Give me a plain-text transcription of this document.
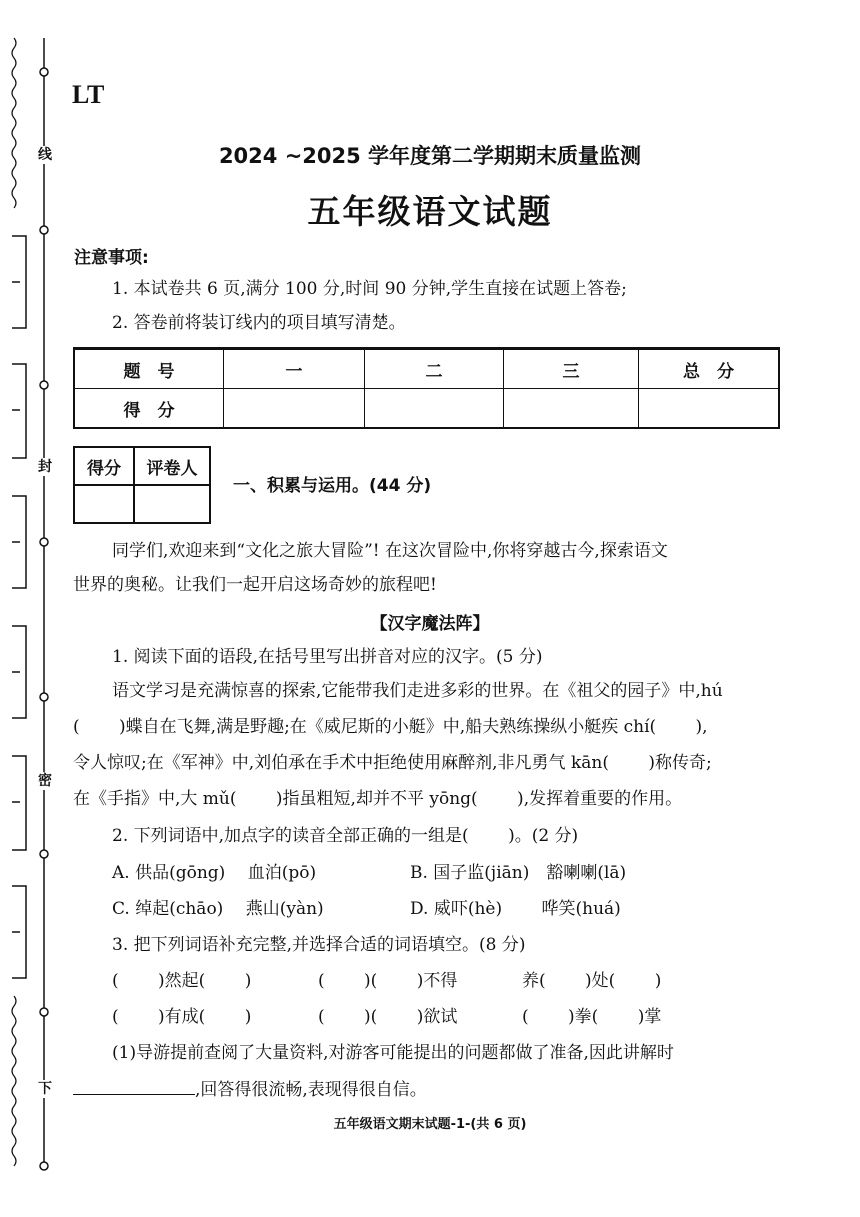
线
封
密
下
LT
2024 ~2025 学年度第二学期期末质量监测
五年级语文试题
注意事项:
1. 本试卷共 6 页,满分 100 分,时间 90 分钟,学生直接在试题上答卷;
2. 答卷前将装订线内的项目填写清楚。
题　号	一	二	三	总　分
得　分				
得分	评卷人

一、积累与运用。(44 分)
同学们,欢迎来到“文化之旅大冒险”! 在这次冒险中,你将穿越古今,探索语文
世界的奥秘。让我们一起开启这场奇妙的旅程吧!
【汉字魔法阵】
1. 阅读下面的语段,在括号里写出拼音对应的汉字。(5 分)
语文学习是充满惊喜的探索,它能带我们走进多彩的世界。在《祖父的园子》中,hú
(　　 )蝶自在飞舞,满是野趣;在《威尼斯的小艇》中,船夫熟练操纵小艇疾 chí(　　 ),
令人惊叹;在《军神》中,刘伯承在手术中拒绝使用麻醉剂,非凡勇气 kān(　　 )称传奇;
在《手指》中,大 mǔ(　　 )指虽粗短,却并不平 yōng(　　 ),发挥着重要的作用。
2. 下列词语中,加点字的读音全部正确的一组是(　　 )。(2 分)
A. 供品(gōng)　 血泊(pō)	B. 国子监(jiān)　豁喇喇(lā)
C. 绰起(chāo)　 燕山(yàn)	D. 威吓(hè)　　 哗笑(huá)
3. 把下列词语补充完整,并选择合适的词语填空。(8 分)
(　　 )然起(　　 )	(　　 )(　　 )不得	养(　　 )处(　　 )
(　　 )有成(　　 )	(　　 )(　　 )欲试	(　　 )拳(　　 )掌
(1)导游提前查阅了大量资料,对游客可能提出的问题都做了准备,因此讲解时
,回答得很流畅,表现得很自信。
五年级语文期末试题-1-(共 6 页)
